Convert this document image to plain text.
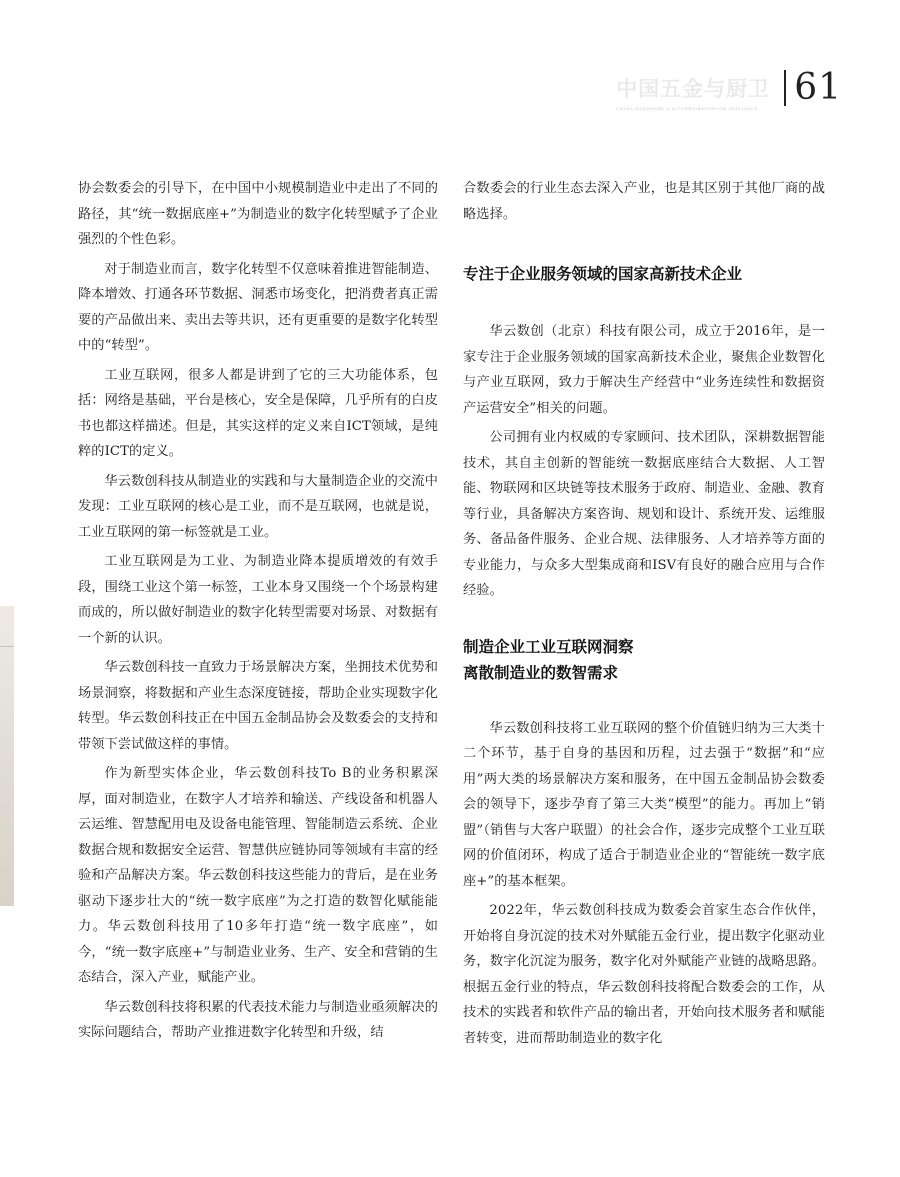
中国五金与厨卫
CHINA HARDWARE & KITCHEN/BATHROOM APPLIANCE
61

协会数委会的引导下，在中国中小规模制造业中走出了不同的路径，其“统一数据底座+”为制造业的数字化转型赋予了企业强烈的个性色彩。

对于制造业而言，数字化转型不仅意味着推进智能制造、降本增效、打通各环节数据、洞悉市场变化，把消费者真正需要的产品做出来、卖出去等共识，还有更重要的是数字化转型中的“转型”。

工业互联网，很多人都是讲到了它的三大功能体系，包括：网络是基础，平台是核心，安全是保障，几乎所有的白皮书也都这样描述。但是，其实这样的定义来自ICT领域，是纯粹的ICT的定义。

华云数创科技从制造业的实践和与大量制造企业的交流中发现：工业互联网的核心是工业，而不是互联网，也就是说，工业互联网的第一标签就是工业。

工业互联网是为工业、为制造业降本提质增效的有效手段，围绕工业这个第一标签，工业本身又围绕一个个场景构建而成的，所以做好制造业的数字化转型需要对场景、对数据有一个新的认识。

华云数创科技一直致力于场景解决方案，坐拥技术优势和场景洞察，将数据和产业生态深度链接，帮助企业实现数字化转型。华云数创科技正在中国五金制品协会及数委会的支持和带领下尝试做这样的事情。

作为新型实体企业，华云数创科技To B的业务积累深厚，面对制造业，在数字人才培养和输送、产线设备和机器人云运维、智慧配用电及设备电能管理、智能制造云系统、企业数据合规和数据安全运营、智慧供应链协同等领域有丰富的经验和产品解决方案。华云数创科技这些能力的背后，是在业务驱动下逐步壮大的“统一数字底座”为之打造的数智化赋能能力。华云数创科技用了10多年打造“统一数字底座”，如今，“统一数字底座+”与制造业业务、生产、安全和营销的生态结合，深入产业，赋能产业。

华云数创科技将积累的代表技术能力与制造业亟须解决的实际问题结合，帮助产业推进数字化转型和升级，结

合数委会的行业生态去深入产业，也是其区别于其他厂商的战略选择。

专注于企业服务领域的国家高新技术企业

华云数创（北京）科技有限公司，成立于2016年，是一家专注于企业服务领域的国家高新技术企业，聚焦企业数智化与产业互联网，致力于解决生产经营中“业务连续性和数据资产运营安全”相关的问题。

公司拥有业内权威的专家顾问、技术团队，深耕数据智能技术，其自主创新的智能统一数据底座结合大数据、人工智能、物联网和区块链等技术服务于政府、制造业、金融、教育等行业，具备解决方案咨询、规划和设计、系统开发、运维服务、备品备件服务、企业合规、法律服务、人才培养等方面的专业能力，与众多大型集成商和ISV有良好的融合应用与合作经验。

制造企业工业互联网洞察
离散制造业的数智需求

华云数创科技将工业互联网的整个价值链归纳为三大类十二个环节，基于自身的基因和历程，过去强于“数据”和“应用”两大类的场景解决方案和服务，在中国五金制品协会数委会的领导下，逐步孕育了第三大类“模型”的能力。再加上“销盟”（销售与大客户联盟）的社会合作，逐步完成整个工业互联网的价值闭环，构成了适合于制造业企业的“智能统一数字底座+”的基本框架。

2022年，华云数创科技成为数委会首家生态合作伙伴，开始将自身沉淀的技术对外赋能五金行业，提出数字化驱动业务，数字化沉淀为服务，数字化对外赋能产业链的战略思路。根据五金行业的特点，华云数创科技将配合数委会的工作，从技术的实践者和软件产品的输出者，开始向技术服务者和赋能者转变，进而帮助制造业的数字化
